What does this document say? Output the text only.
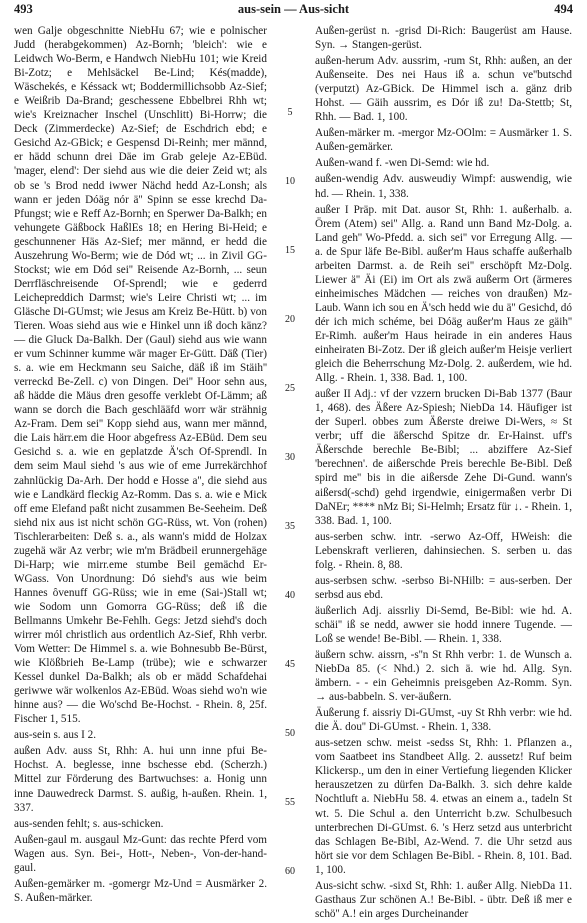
493	aus-sein — Aus-sicht	494

wen Galje obgeschnitte NiebHu 67; wie e polnischer Judd (herabgekommen) Az-Bornh; 'bleich': wie e Leidwch Wo-Berm, e Handwch NiebHu 101; wie Kreid Bi-Zotz; e Mehlsäckel Be-Lind; Kés(madde), Wäschekés, e Késsack wt; Boddermillichsobb Az-Sief; e Weißrib Da-Brand; geschessene Ebbelbrei Rhh wt; wie's Kreiznacher Inschel (Unschlitt) Bi-Horrw; die Deck (Zimmerdecke) Az-Sief; de Eschdrich ebd; e Gesichd Az-GBick; e Gespensd Di-Reinh; mer männd, er hädd schunn drei Däe im Grab geleje Az-EBüd. 'mager, elend': Der siehd aus wie die deier Zeid wt; als ob se 's Brod nedd iwwer Nächd hedd Az-Lonsh; als wann er jeden Dóäg nór ä'' Spinn se esse krechd Da-Pfungst; wie e Reff Az-Bornh; en Sperwer Da-Balkh; en vehungete Gäßbock HaßlEs 18; en Hering Bi-Heid; e geschunnener Häs Az-Sief; mer männd, er hedd die Auszehrung Wo-Berm; wie de Dód wt; ... in Zivil GG-Stockst; wie em Dód sei'' Reisende Az-Bornh, ... seun Derrfläschreisende Of-Sprendl; wie e gederrd Leichepreddich Darmst; wie's Leire Christi wt; ... im Gläsche Di-GUmst; wie Jesus am Kreiz Be-Hütt. b) von Tieren. Woas siehd aus wie e Hinkel unn iß doch känz? — die Gluck Da-Balkh. Der (Gaul) siehd aus wie wann er vum Schinner kumme wär mager Er-Gütt. Däß (Tier) s. a. wie em Heckmann seu Saiche, däß iß im Stäih'' verreckd Be-Zell. c) von Dingen. Dei'' Hoor sehn aus, aß hädde die Mäus dren gesoffe verklebt Of-Lämm; aß wann se dorch die Bach geschlääfd worr wär strähnig Az-Fram. Dem sei'' Kopp siehd aus, wann mer männd, die Lais härr.em die Hoor abgefress Az-EBüd. Dem seu Gesichd s. a. wie en geplatzde Ä'sch Of-Sprendl. In dem seim Maul siehd 's aus wie of eme Jurrekärchhof zahnlückig Da-Arh. Der hodd e Hosse a'', die siehd aus wie e Landkärd fleckig Az-Romm. Das s. a. wie e Mick off eme Elefand paßt nicht zusammen Be-Seeheim. Deß siehd nix aus ist nicht schön GG-Rüss, wt. Von (rohen) Tischlerarbeiten: Deß s. a., als wann's midd de Holzax zugehä wär Az verbr; wie m'm Brädbeil erunnergehäge Di-Harp; wie mirr.eme stumbe Beil gemächd Er-WGass. Von Unordnung: Dó siehd's aus wie beim Hannes ôvenuff GG-Rüss; wie in eme (Sai-)Stall wt; wie Sodom unn Gomorra GG-Rüss; deß iß die Bellmanns Umkehr Be-Fehlh. Gegs: Jetzd siehd's doch wirrer mól christlich aus ordentlich Az-Sief, Rhh verbr. Vom Wetter: De Himmel s. a. wie Bohnesubb Be-Bürst, wie Klößbrieh Be-Lamp (trübe); wie e schwarzer Kessel dunkel Da-Balkh; als ob er mädd Schafdehai geriwwe wär wolkenlos Az-EBüd. Woas siehd wo'n wie hinne aus? — die Wo'schd Be-Hochst. - Rhein. 8, 25f. Fischer 1, 515.

aus-sein s. aus I 2.

außen Adv. auss St, Rhh: A. hui unn inne pfui Be-Hochst. A. beglesse, inne bschesse ebd. (Scherzh.) Mittel zur Förderung des Bartwuchses: a. Honig unn inne Dauwedreck Darmst. S. außig, h-außen. Rhein. 1, 337.

aus-senden fehlt; s. aus-schicken.

Außen-gaul m. ausgaul Mz-Gunt: das rechte Pferd vom Wagen aus. Syn. Bei-, Hott-, Neben-, Von-der-hand-gaul.

Außen-gemärker m. -gomergr Mz-Und = Ausmärker 2. S. Außen-märker.

5
10
15
20
25
30
35
40
45
50
55
60

Außen-gerüst n. -grisd Di-Rich: Baugerüst am Hause. Syn. → Stangen-gerüst.

außen-herum Adv. aussrim, -rum St, Rhh: außen, an der Außenseite. Des nei Haus iß a. schun ve''butschd (verputzt) Az-GBick. De Himmel isch a. gänz drib Hohst. — Gäih aussrim, es Dór iß zu! Da-Stettb; St, Rhh. — Bad. 1, 100.

Außen-märker m. -mergor Mz-OOlm: = Ausmärker 1. S. Außen-gemärker.

Außen-wand f. -wen Di-Semd: wie hd.

außen-wendig Adv. ausweudiy Wimpf: auswendig, wie hd. — Rhein. 1, 338.

außer I Präp. mit Dat. ausor St, Rhh: 1. außerhalb. a. Örem (Atem) sei'' Allg. a. Rand unn Band Mz-Dolg. a. Land geh'' Wo-Pfedd. a. sich sei'' vor Erregung Allg. — a. de Spur läfe Be-Bibl. außer'm Haus schaffe außerhalb arbeiten Darmst. a. de Reih sei'' erschöpft Mz-Dolg. Liewer ä'' Äi (Ei) im Ort als zwä außerm Ort (ärmeres einheimisches Mädchen — reiches von draußen) Mz-Laub. Wann ich sou en Ä'sch hedd wie du ä'' Gesichd, dó dér ich mich schéme, bei Dóäg außer'm Haus ze gäih'' Er-Rimh. außer'm Haus heirade in ein anderes Haus einheiraten Bi-Zotz. Der iß gleich außer'm Heisje verliert gleich die Beherrschung Mz-Dolg. 2. außerdem, wie hd. Allg. - Rhein. 1, 338. Bad. 1, 100.

außer II Adj.: vf der vzzern brucken Di-Bab 1377 (Baur 1, 468). des Äßere Az-Spiesh; NiebDa 14. Häufiger ist der Superl. obbes zum Äßerste dreiwe Di-Wers, ≈ St verbr; uff die äßerschd Spitze dr. Er-Hainst. uff's Äßerschde berechle Be-Bibl; ... abziffere Az-Sief 'berechnen'. de aißerschde Preis berechle Be-Bibl. Deß spird me'' bis in die aißersde Zehe Di-Gund. wann's aißersd(-schd) gehd irgendwie, einigermaßen verbr Di DaNEr; **** nMz Bi; Si-Helmh; Ersatz für ↓. - Rhein. 1, 338. Bad. 1, 100.

aus-serben schw. intr. -serwo Az-Off, HWeish: die Lebenskraft verlieren, dahinsiechen. S. serben u. das folg. - Rhein. 8, 88.

aus-serbsen schw. -serbso Bi-NHilb: = aus-serben. Der serbsd aus ebd.

äußerlich Adj. aissrliy Di-Semd, Be-Bibl: wie hd. A. schäi'' iß se nedd, awwer sie hodd innere Tugende. — Loß se wende! Be-Bibl. — Rhein. 1, 338.

äußern schw. aissrn, -s''n St Rhh verbr: 1. de Wunsch a. NiebDa 85. (< Nhd.) 2. sich ä. wie hd. Allg. Syn. ämbern. - - ein Geheimnis preisgeben Az-Romm. Syn. → aus-babbeln. S. ver-äußern.

Äußerung f. aissriy Di-GUmst, -uy St Rhh verbr: wie hd. die Ä. dou'' Di-GUmst. - Rhein. 1, 338.

aus-setzen schw. meist -sedss St, Rhh: 1. Pflanzen a., vom Saatbeet ins Standbeet Allg. 2. aussetz! Ruf beim Klickersp., um den in einer Vertiefung liegenden Klicker herauszetzen zu dürfen Da-Balkh. 3. sich dehre kalde Nochtluft a. NiebHu 58. 4. etwas an einem a., tadeln St wt. 5. Die Schul a. den Unterricht b.zw. Schulbesuch unterbrechen Di-GUmst. 6. 's Herz setzd aus unterbricht das Schlagen Be-Bibl, Az-Wend. 7. die Uhr setzd aus hört sie vor dem Schlagen Be-Bibl. - Rhein. 8, 101. Bad. 1, 100.

Aus-sicht schw. -sixd St, Rhh: 1. außer Allg. NiebDa 11. Gasthaus Zur schönen A.! Be-Bibl. - übtr. Deß iß mer e schö'' A.! ein arges Durcheinander
